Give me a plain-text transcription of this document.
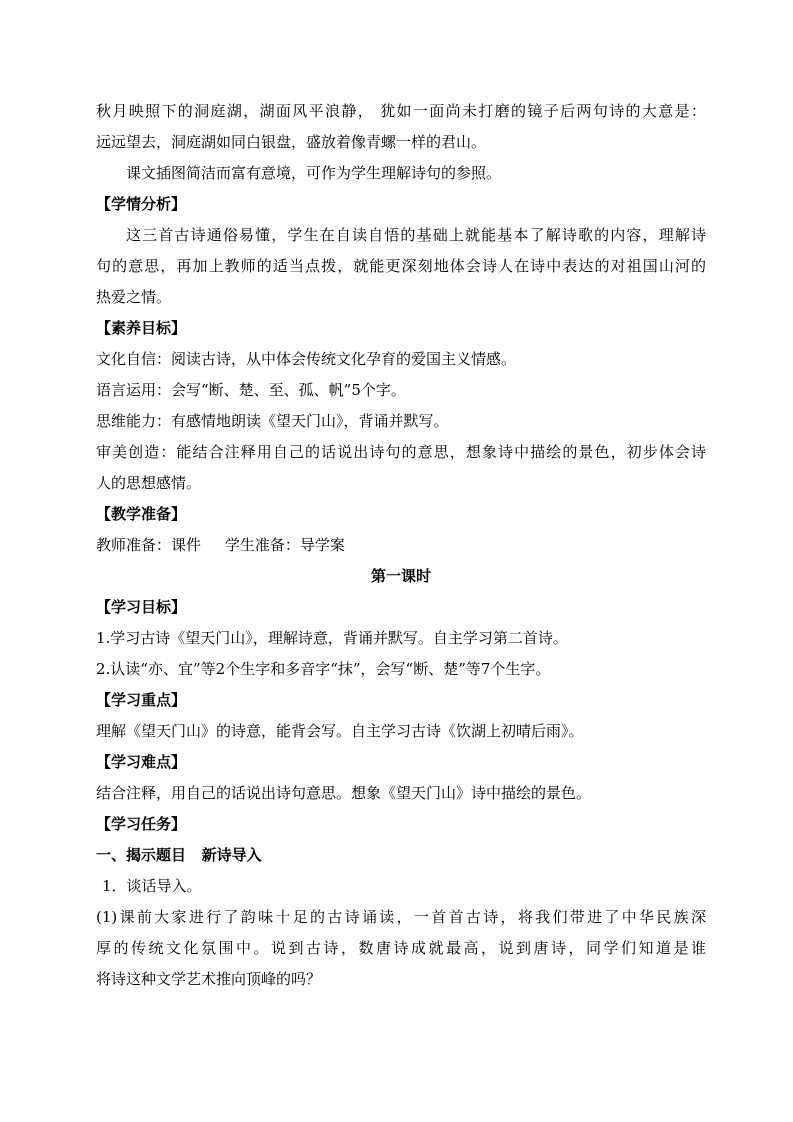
秋月映照下的洞庭湖，湖面风平浪静， 犹如一面尚未打磨的镜子后两句诗的大意是：
远远望去，洞庭湖如同白银盘，盛放着像青螺一样的君山。
课文插图简洁而富有意境，可作为学生理解诗句的参照。
【学情分析】
这三首古诗通俗易懂，学生在自读自悟的基础上就能基本了解诗歌的内容，理解诗
句的意思，再加上教师的适当点拨，就能更深刻地体会诗人在诗中表达的对祖国山河的
热爱之情。
【素养目标】
文化自信：阅读古诗，从中体会传统文化孕育的爱国主义情感。
语言运用：会写“断、楚、至、孤、帆”5个字。
思维能力：有感情地朗读《望天门山》，背诵并默写。
审美创造：能结合注释用自己的话说出诗句的意思，想象诗中描绘的景色，初步体会诗
人的思想感情。
【教学准备】
教师准备：课件     学生准备：导学案
第一课时
【学习目标】
1.学习古诗《望天门山》，理解诗意，背诵并默写。自主学习第二首诗。
2.认读“亦、宜”等2个生字和多音字“抹”，会写“断、楚”等7个生字。
【学习重点】
理解《望天门山》的诗意，能背会写。自主学习古诗《饮湖上初晴后雨》。
【学习难点】
结合注释，用自己的话说出诗句意思。想象《望天门山》诗中描绘的景色。
【学习任务】
一、揭示题目   新诗导入
1．谈话导入。
(1)课前大家进行了韵味十足的古诗诵读，一首首古诗，将我们带进了中华民族深
厚的传统文化氛围中。说到古诗，数唐诗成就最高，说到唐诗，同学们知道是谁
将诗这种文学艺术推向顶峰的吗？
